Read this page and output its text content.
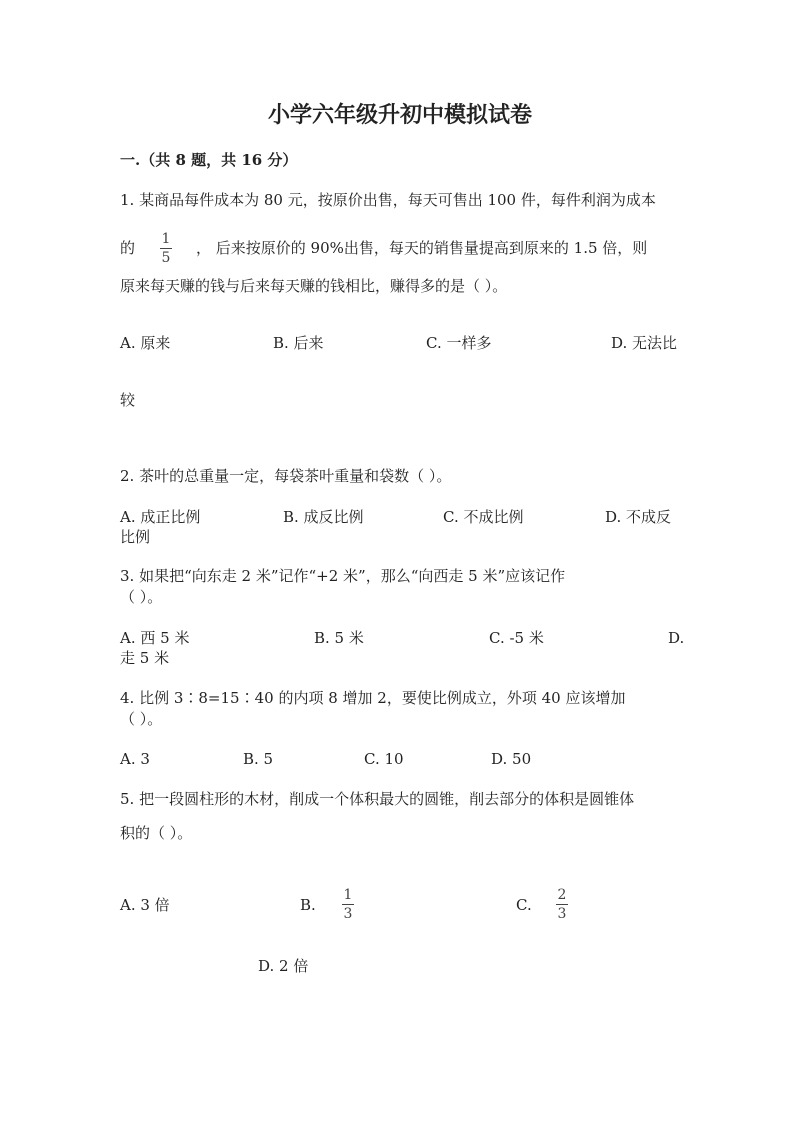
小学六年级升初中模拟试卷
一.（共 8 题，共 16 分）
1. 某商品每件成本为 80 元，按原价出售，每天可售出 100 件，每件利润为成本
的 1
5
， 后来按原价的 90%出售，每天的销售量提高到原来的 1.5 倍，则
原来每天赚的钱与后来每天赚的钱相比，赚得多的是（ ）。
A. 原来	B. 后来	C. 一样多	D. 无法比
较
2. 茶叶的总重量一定，每袋茶叶重量和袋数（ ）。
A. 成正比例	B. 成反比例	C. 不成比例	D. 不成反
比例
3. 如果把“向东走 2 米”记作“+2 米”，那么“向西走 5 米”应该记作
（ ）。
A. 西 5 米	B. 5 米	C. -5 米	D.
走 5 米
4. 比例 3∶8=15∶40 的内项 8 增加 2，要使比例成立，外项 40 应该增加
（ ）。
A. 3	B. 5	C. 10	D. 50
5. 把一段圆柱形的木材，削成一个体积最大的圆锥，削去部分的体积是圆锥体
积的（ ）。
A. 3 倍	B.
1
3	C.
2
3
D. 2 倍
